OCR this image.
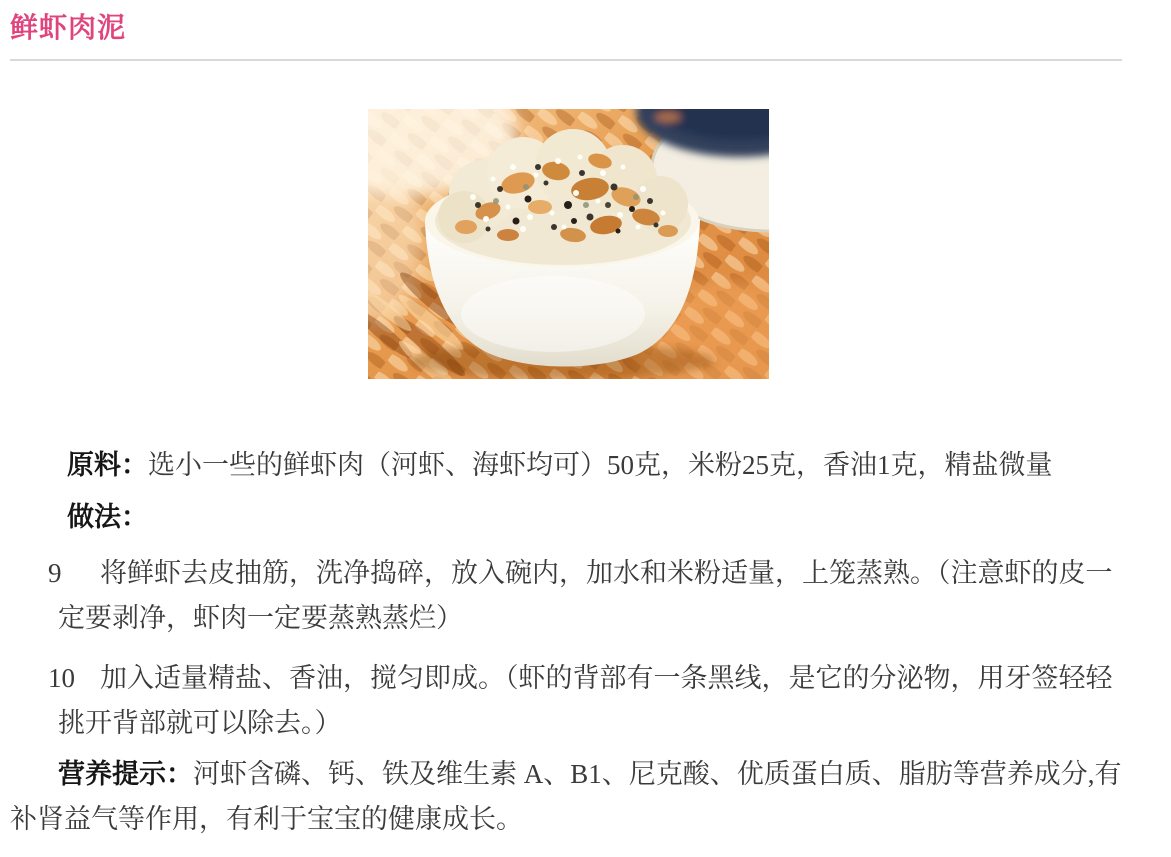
鲜虾肉泥

原料：选小一些的鲜虾肉（河虾、海虾均可）50克，米粉25克，香油1克，精盐微量

做法：

9 将鲜虾去皮抽筋，洗净捣碎，放入碗内，加水和米粉适量，上笼蒸熟。（注意虾的皮一定要剥净，虾肉一定要蒸熟蒸烂）

10 加入适量精盐、香油，搅匀即成。（虾的背部有一条黑线，是它的分泌物，用牙签轻轻挑开背部就可以除去。）

营养提示：河虾含磷、钙、铁及维生素 A、B1、尼克酸、优质蛋白质、脂肪等营养成分,有补肾益气等作用，有利于宝宝的健康成长。
